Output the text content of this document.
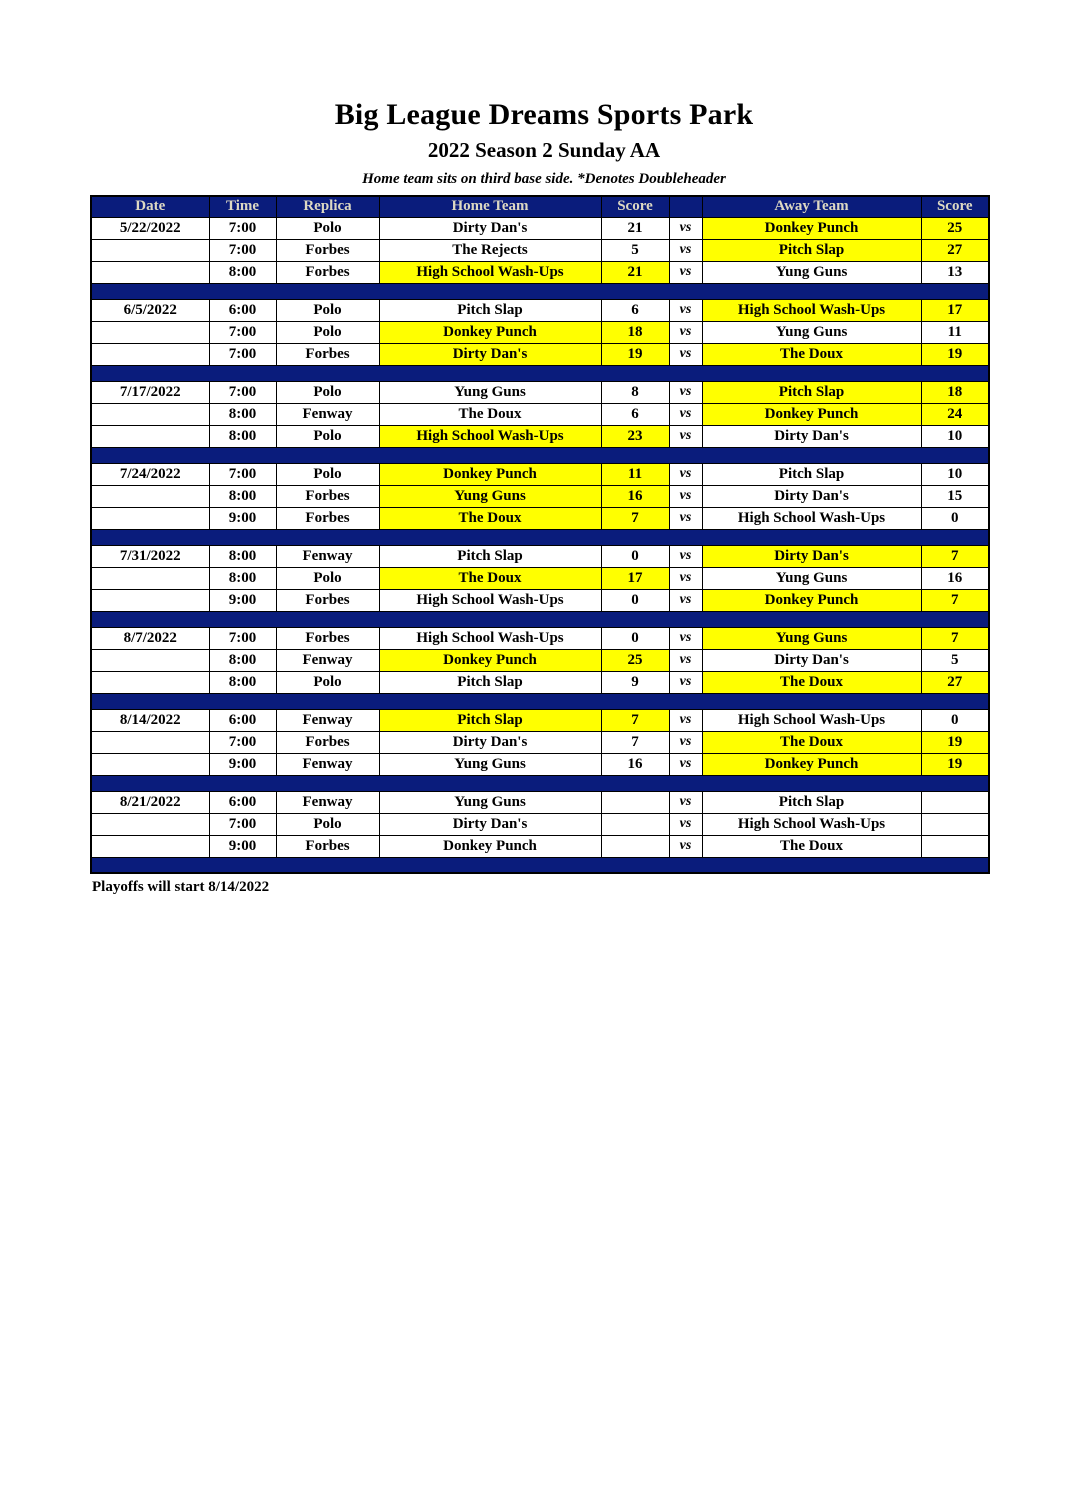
Big League Dreams Sports Park
2022 Season 2 Sunday AA
Home team sits on third base side. *Denotes Doubleheader
Date	Time	Replica	Home Team	Score		Away Team	Score
5/22/2022	7:00	Polo	Dirty Dan's	21	vs	Donkey Punch	25
	7:00	Forbes	The Rejects	5	vs	Pitch Slap	27
	8:00	Forbes	High School Wash-Ups	21	vs	Yung Guns	13

6/5/2022	6:00	Polo	Pitch Slap	6	vs	High School Wash-Ups	17
	7:00	Polo	Donkey Punch	18	vs	Yung Guns	11
	7:00	Forbes	Dirty Dan's	19	vs	The Doux	19

7/17/2022	7:00	Polo	Yung Guns	8	vs	Pitch Slap	18
	8:00	Fenway	The Doux	6	vs	Donkey Punch	24
	8:00	Polo	High School Wash-Ups	23	vs	Dirty Dan's	10

7/24/2022	7:00	Polo	Donkey Punch	11	vs	Pitch Slap	10
	8:00	Forbes	Yung Guns	16	vs	Dirty Dan's	15
	9:00	Forbes	The Doux	7	vs	High School Wash-Ups	0

7/31/2022	8:00	Fenway	Pitch Slap	0	vs	Dirty Dan's	7
	8:00	Polo	The Doux	17	vs	Yung Guns	16
	9:00	Forbes	High School Wash-Ups	0	vs	Donkey Punch	7

8/7/2022	7:00	Forbes	High School Wash-Ups	0	vs	Yung Guns	7
	8:00	Fenway	Donkey Punch	25	vs	Dirty Dan's	5
	8:00	Polo	Pitch Slap	9	vs	The Doux	27

8/14/2022	6:00	Fenway	Pitch Slap	7	vs	High School Wash-Ups	0
	7:00	Forbes	Dirty Dan's	7	vs	The Doux	19
	9:00	Fenway	Yung Guns	16	vs	Donkey Punch	19

8/21/2022	6:00	Fenway	Yung Guns		vs	Pitch Slap	
	7:00	Polo	Dirty Dan's		vs	High School Wash-Ups	
	9:00	Forbes	Donkey Punch		vs	The Doux	

Playoffs will start 8/14/2022
